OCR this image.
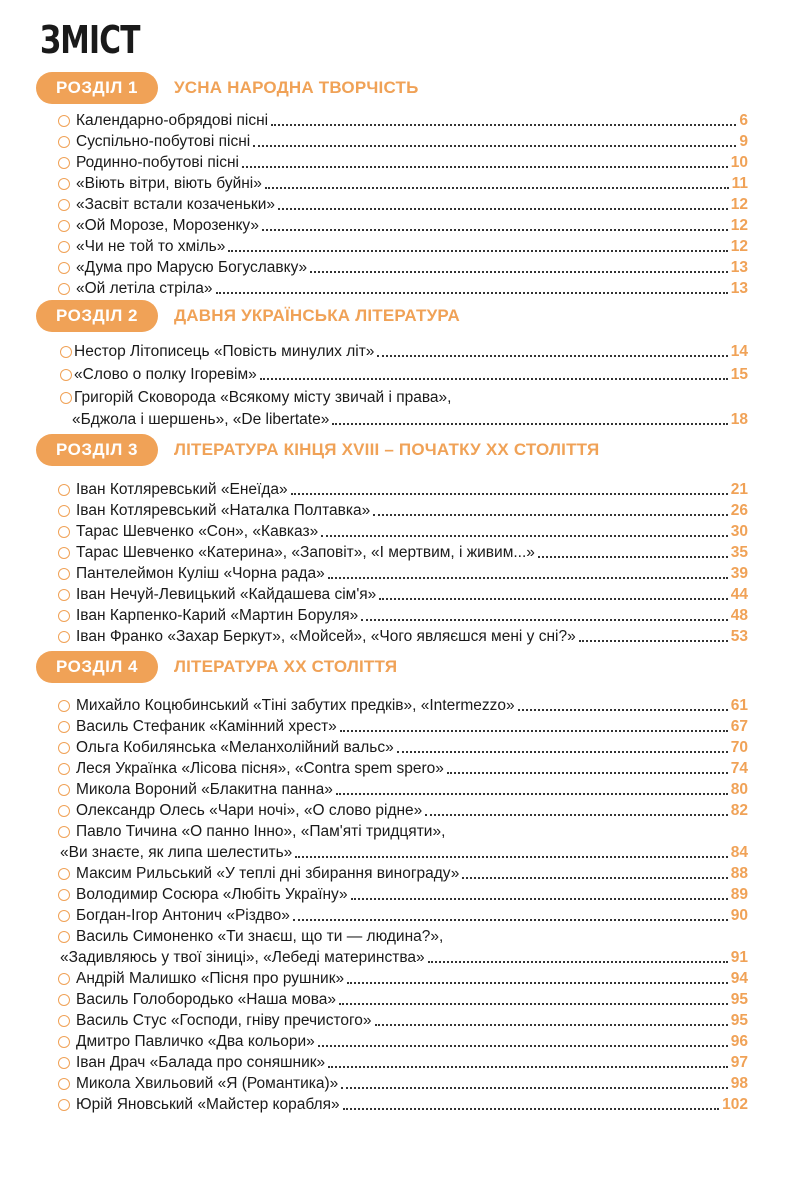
ЗМІСТ
РОЗДІЛ 1	УСНА НАРОДНА ТВОРЧІСТЬ
Календарно-обрядові пісні	6
Суспільно-побутові пісні	9
Родинно-побутові пісні	10
«Віють вітри, віють буйні»	11
«Засвіт встали козаченьки»	12
«Ой Морозе, Морозенку»	12
«Чи не той то хміль»	12
«Дума про Марусю Богуславку»	13
«Ой летіла стріла»	13
РОЗДІЛ 2	ДАВНЯ УКРАЇНСЬКА ЛІТЕРАТУРА
Нестор Літописець «Повість минулих літ»	14
«Слово о полку Ігоревім»	15
Григорій Сковорода «Всякому місту звичай і права»,
«Бджола і шершень», «De libertate»	18
РОЗДІЛ 3	ЛІТЕРАТУРА КІНЦЯ XVIII – ПОЧАТКУ XX СТОЛІТТЯ
Іван Котляревський «Енеїда»	21
Іван Котляревський «Наталка Полтавка»	26
Тарас Шевченко «Сон», «Кавказ»	30
Тарас Шевченко «Катерина», «Заповіт», «І мертвим, і живим...»	35
Пантелеймон Куліш «Чорна рада»	39
Іван Нечуй-Левицький «Кайдашева сім'я»	44
Іван Карпенко-Карий «Мартин Боруля»	48
Іван Франко «Захар Беркут», «Мойсей», «Чого являєшся мені у сні?»	53
РОЗДІЛ 4	ЛІТЕРАТУРА XX СТОЛІТТЯ
Михайло Коцюбинський «Тіні забутих предків», «Intermezzo»	61
Василь Стефаник «Камінний хрест»	67
Ольга Кобилянська «Меланхолійний вальс»	70
Леся Українка «Лісова пісня», «Contra spem spero»	74
Микола Вороний «Блакитна панна»	80
Олександр Олесь «Чари ночі», «О слово рідне»	82
Павло Тичина «О панно Інно», «Пам'яті тридцяти»,
«Ви знаєте, як липа шелестить»	84
Максим Рильський «У теплі дні збирання винограду»	88
Володимир Сосюра «Любіть Україну»	89
Богдан-Ігор Антонич «Різдво»	90
Василь Симоненко «Ти знаєш, що ти — людина?»,
«Задивляюсь у твої зіниці», «Лебеді материнства»	91
Андрій Малишко «Пісня про рушник»	94
Василь Голобородько «Наша мова»	95
Василь Стус «Господи, гніву пречистого»	95
Дмитро Павличко «Два кольори»	96
Іван Драч «Балада про соняшник»	97
Микола Хвильовий «Я (Романтика)»	98
Юрій Яновський «Майстер корабля»	102
